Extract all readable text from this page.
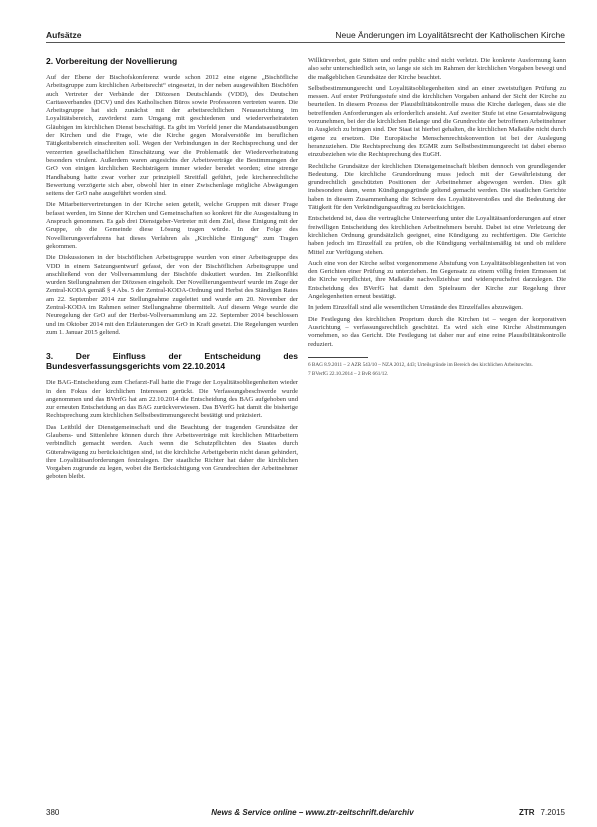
Aufsätze	Neue Änderungen im Loyalitätsrecht der Katholischen Kirche
2. Vorbereitung der Novellierung

Auf der Ebene der Bischofskonferenz wurde schon 2012 eine eigene „Bischöfliche Arbeitsgruppe zum kirchlichen Arbeitsrecht“ eingesetzt, in der neben ausgewählten Bischöfen auch Vertreter der Verbände der Diözesen Deutschlands (VDD), des Deutschen Caritasverbandes (DCV) und des Katholischen Büros sowie Professoren vertreten waren. Die Arbeitsgruppe hat sich zunächst mit der arbeitsrechtlichen Neuausrichtung im Loyalitätsbereich, zuvörderst zum Umgang mit geschiedenen und wiederverheirateten Gläubigen im kirchlichen Dienst beschäftigt. Es gibt im Vorfeld jener die Mandatsausübungen der Kirchen und die Frage, wie die Kirche gegen Moralverstöße im beruflichen Tätigkeitsbereich einschreiten soll. Wegen der Verbindungen in der Rechtsprechung und der verzerrten gesellschaftlichen Einschätzung war die Problematik der Wiederverheiratung besonders virulent. Außerdem waren angesichts der Arbeitsverträge die Bestimmungen der GrO von einigen kirchlichen Rechtsträgern immer wieder beredet worden; eine strenge Handhabung hatte zwar vorher zur prinzipiell Streitfall geführt, jede kirchenrechtliche Bewertung verzögerte sich aber, obwohl hier in einer Zwischenlage mögliche Abwägungen seitens der GrO nahe ausgeführt worden sind.

Die Mitarbeitervertretungen in der Kirche seien geteilt, welche Gruppen mit dieser Frage befasst werden, im Sinne der Kirchen und Gemeinschaften so konkret für die Ausgestaltung in Anspruch genommen. Es gab drei Dienstgeber-Vertreter mit dem Ziel, diese Einigung mit der Gruppe, ob die Gemeinde diese Lösung tragen würde. In der Folge des Novellierungsverfahrens hat dieses Verfahren als „Kirchliche Einigung“ zum Tragen gekommen.

Die Diskussionen in der bischöflichen Arbeitsgruppe wurden von einer Arbeitsgruppe des VDD in einem Satzungsentwurf gefasst, der von der Bischöflichen Arbeitsgruppe und anschließend von der Vollversammlung der Bischöfe diskutiert wurden. Im Zielkonflikt wurden Stellungnahmen der Diözesen eingeholt. Der Novellierungsentwurf wurde im Zuge der Zentral-KODA gemäß § 4 Abs. 5 der Zentral-KODA-Ordnung und Herbst des Ständigen Rates am 22. September 2014 zur Stellungnahme zugeleitet und wurde am 20. November der Zentral-KODA im Rahmen seiner Stellungnahme übermittelt. Auf diesem Wege wurde die Neuregelung der GrO auf der Herbst-Vollversammlung am 22. September 2014 beschlossen und im Oktober 2014 mit den Erläuterungen der GrO in Kraft gesetzt. Die Regelungen wurden zum 1. Januar 2015 geltend.

3. Der Einfluss der Entscheidung des Bundesverfassungsgerichts vom 22.10.2014

Die BAG-Entscheidung zum Chefarzt-Fall hatte die Frage der Loyalitätsobliegenheiten wieder in den Fokus der kirchlichen Interessen gerückt. Die Verfassungsbeschwerde wurde angenommen und das BVerfG hat am 22.10.2014 die Entscheidung des BAG aufgehoben und zur erneuten Entscheidung an das BAG zurückverwiesen. Das BVerfG hat damit die bisherige Rechtsprechung zum kirchlichen Selbstbestimmungsrecht bestätigt und präzisiert.

Das Leitbild der Dienstgemeinschaft und die Beachtung der tragenden Grundsätze der Glaubens- und Sittenlehre können durch ihre Arbeitsverträge mit kirchlichen Mitarbeitern verbindlich gemacht werden. Auch wenn die Schutzpflichten des Staates durch Güterabwägung zu berücksichtigen sind, ist die kirchliche Arbeitgeberin nicht daran gehindert, ihre Loyalitätsanforderungen festzulegen. Der staatliche Richter hat daher die kirchlichen Vorgaben zugrunde zu legen, wobei die Berücksichtigung von Grundrechten der Arbeitnehmer geboten bleibt.

Willkürverbot, gute Sitten und ordre public sind nicht verletzt. Die konkrete Ausformung kann also sehr unterschiedlich sein, so lange sie sich im Rahmen der kirchlichen Vorgaben bewegt und die maßgeblichen Grundsätze der Kirche beachtet.

Selbstbestimmungsrecht und Loyalitätsobliegenheiten sind an einer zweistufigen Prüfung zu messen. Auf erster Prüfungsstufe sind die kirchlichen Vorgaben anhand der Sicht der Kirche zu beurteilen. In diesem Prozess der Plausibilitätskontrolle muss die Kirche darlegen, dass sie die betreffenden Anforderungen als erforderlich ansieht. Auf zweiter Stufe ist eine Gesamtabwägung vorzunehmen, bei der die kirchlichen Belange und die Grundrechte der betroffenen Arbeitnehmer in Ausgleich zu bringen sind. Der Staat ist hierbei gehalten, die kirchlichen Maßstäbe nicht durch eigene zu ersetzen. Die Europäische Menschenrechtskonvention ist bei der Auslegung heranzuziehen. Die Rechtsprechung des EGMR zum Selbstbestimmungsrecht ist dabei ebenso einzubeziehen wie die Rechtsprechung des EuGH.

Rechtliche Grundsätze der kirchlichen Dienstgemeinschaft bleiben dennoch von grundlegender Bedeutung. Die kirchliche Grundordnung muss jedoch mit der Gewährleistung der grundrechtlich geschützten Positionen der Arbeitnehmer abgewogen werden. Dies gilt insbesondere dann, wenn Kündigungsgründe geltend gemacht werden. Die staatlichen Gerichte haben in diesem Zusammenhang die Schwere des Loyalitätsverstoßes und die Bedeutung der Tätigkeit für den Verkündigungsauftrag zu berücksichtigen.

Entscheidend ist, dass die vertragliche Unterwerfung unter die Loyalitätsanforderungen auf einer freiwilligen Entscheidung des kirchlichen Arbeitnehmers beruht. Dabei ist eine Verletzung der kirchlichen Ordnung grundsätzlich geeignet, eine Kündigung zu rechtfertigen. Die Gerichte haben jedoch im Einzelfall zu prüfen, ob die Kündigung verhältnismäßig ist und ob mildere Mittel zur Verfügung stehen.

Auch eine von der Kirche selbst vorgenommene Abstufung von Loyalitätsobliegenheiten ist von den Gerichten einer Prüfung zu unterziehen. Im Gegensatz zu einem völlig freien Ermessen ist die Kirche verpflichtet, ihre Maßstäbe nachvollziehbar und widerspruchsfrei darzulegen. Die Entscheidung des BVerfG hat damit den Spielraum der Kirche zur Regelung ihrer Angelegenheiten erneut bestätigt.

In jedem Einzelfall sind alle wesentlichen Umstände des Einzelfalles abzuwägen.

Die Festlegung des kirchlichen Proprium durch die Kirchen ist – wegen der korporativen Ausrichtung – verfassungsrechtlich geschützt. Es wird sich eine Kirche Abstimmungen vornehmen, so das Gericht. Die Festlegung ist daher nur auf eine reine Plausibilitätskontrolle reduziert.

6 BAG 8.9.2011 – 2 AZR 543/10 – NZA 2012, 443; Urteilsgründe im Bereich des kirchlichen Arbeitsrechts.

7 BVerfG 22.10.2014 – 2 BvR 661/12.

380	News & Service online – www.ztr-zeitschrift.de/archiv	ZTR 7.2015
